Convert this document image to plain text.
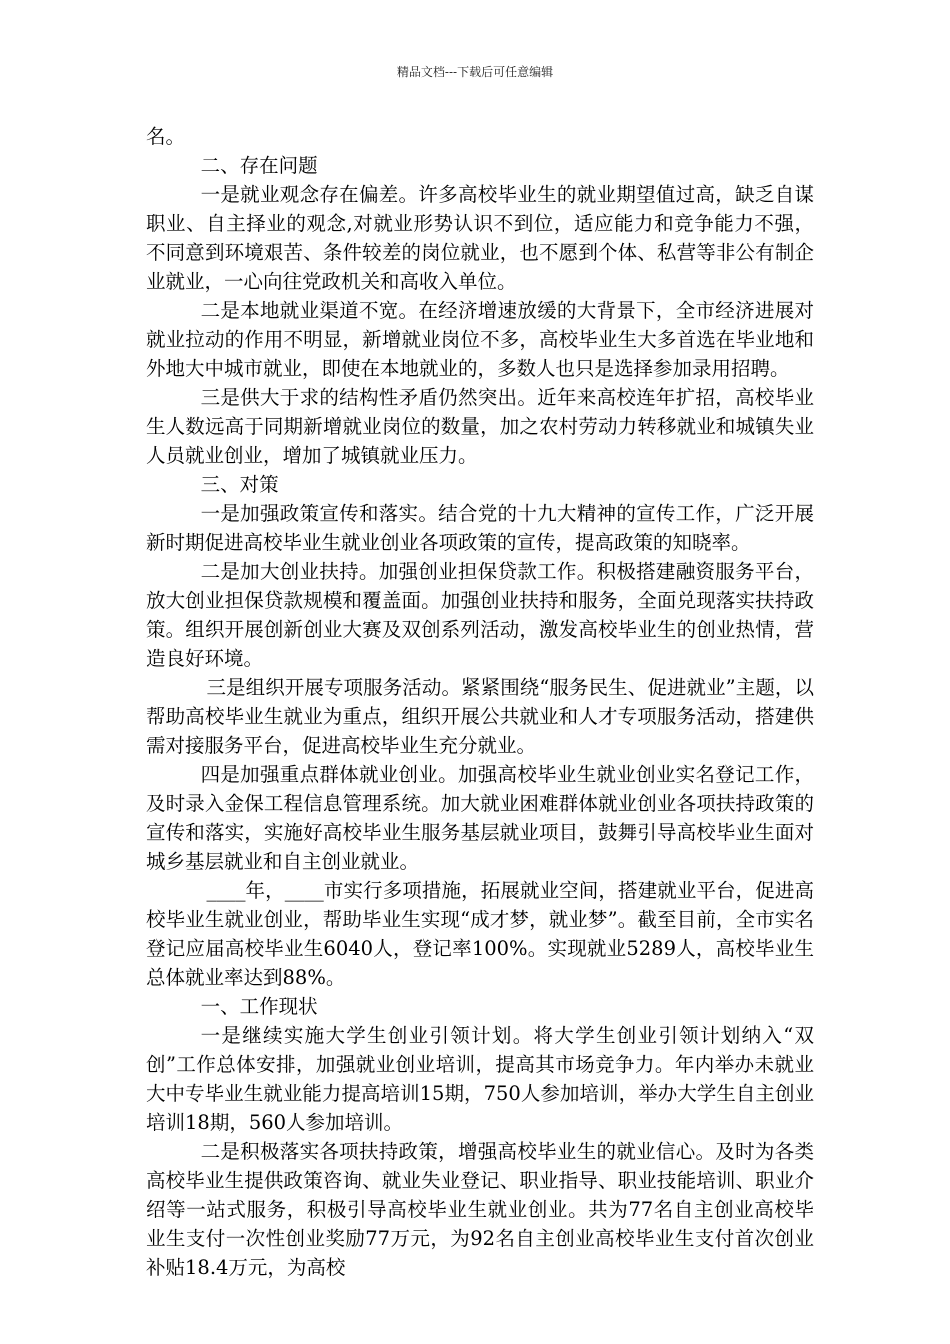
精品文档---下载后可任意编辑

名。

二、存在问题

一是就业观念存在偏差。许多高校毕业生的就业期望值过高，缺乏自谋职业、自主择业的观念,对就业形势认识不到位，适应能力和竞争能力不强，不同意到环境艰苦、条件较差的岗位就业，也不愿到个体、私营等非公有制企业就业，一心向往党政机关和高收入单位。

二是本地就业渠道不宽。在经济增速放缓的大背景下，全市经济进展对就业拉动的作用不明显，新增就业岗位不多，高校毕业生大多首选在毕业地和外地大中城市就业，即使在本地就业的，多数人也只是选择参加录用招聘。

三是供大于求的结构性矛盾仍然突出。近年来高校连年扩招，高校毕业生人数远高于同期新增就业岗位的数量，加之农村劳动力转移就业和城镇失业人员就业创业，增加了城镇就业压力。

三、对策

一是加强政策宣传和落实。结合党的十九大精神的宣传工作，广泛开展新时期促进高校毕业生就业创业各项政策的宣传，提高政策的知晓率。

二是加大创业扶持。加强创业担保贷款工作。积极搭建融资服务平台，放大创业担保贷款规模和覆盖面。加强创业扶持和服务，全面兑现落实扶持政策。组织开展创新创业大赛及双创系列活动，激发高校毕业生的创业热情，营造良好环境。

三是组织开展专项服务活动。紧紧围绕“服务民生、促进就业”主题，以帮助高校毕业生就业为重点，组织开展公共就业和人才专项服务活动，搭建供需对接服务平台，促进高校毕业生充分就业。

四是加强重点群体就业创业。加强高校毕业生就业创业实名登记工作，及时录入金保工程信息管理系统。加大就业困难群体就业创业各项扶持政策的宣传和落实，实施好高校毕业生服务基层就业项目，鼓舞引导高校毕业生面对城乡基层就业和自主创业就业。

____年，____市实行多项措施，拓展就业空间，搭建就业平台，促进高校毕业生就业创业，帮助毕业生实现“成才梦，就业梦”。截至目前，全市实名登记应届高校毕业生6040人，登记率100%。实现就业5289人，高校毕业生总体就业率达到88%。

一、工作现状

一是继续实施大学生创业引领计划。将大学生创业引领计划纳入“双创”工作总体安排，加强就业创业培训，提高其市场竞争力。年内举办未就业大中专毕业生就业能力提高培训15期，750人参加培训，举办大学生自主创业培训18期，560人参加培训。

二是积极落实各项扶持政策，增强高校毕业生的就业信心。及时为各类高校毕业生提供政策咨询、就业失业登记、职业指导、职业技能培训、职业介绍等一站式服务，积极引导高校毕业生就业创业。共为77名自主创业高校毕业生支付一次性创业奖励77万元，为92名自主创业高校毕业生支付首次创业补贴18.4万元，为高校
